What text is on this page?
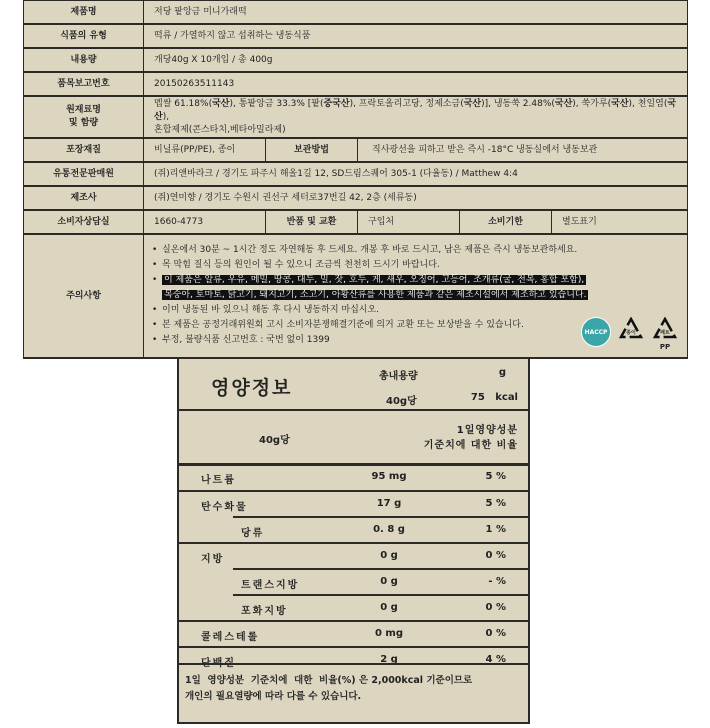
제품명	저당 팥앙금 미니가래떡				
식품의 유형	떡류 / 가열하지 않고 섭취하는 냉동식품				
내용량	개당40g X 10개입 / 총 400g				
품목보고번호	20150263511143				

원재료명
및 함량

멥쌀 61.18%(국산), 통팥앙금 33.3% [팥(중국산), 프락토올리고당, 정제소금(국산)], 냉동쑥 2.48%(국산), 쑥가루(국산), 천일염(국산),
혼합제제(콘스타치,베타아밀라제)

포장재질	비닐류(PP/PE), 종이	보관방법	직사광선을 피하고 받은 즉시 -18°C 냉동실에서 냉동보관		
유통전문판매원	(쥐)리앤바라크 / 경기도 파주시 해올1길 12, SD드림스퀘어 305-1 (다율동) / Matthew 4:4				
제조사	(쥐)연미향 / 경기도 수원시 권선구 세터로37번길 42, 2층 (세류동)				
소비자상담실	1660-4773	반품 및 교환	구입처	소비기한	별도표기
주의사항	
• 실온에서 30분 ~ 1시간 정도 자연해동 후 드세요. 개봉 후 바로 드시고, 남은 제품은 즉시 냉동보관하세요.
• 목 막힘 질식 등의 원인이 될 수 있으니 조금씩 천천히 드시기 바랍니다.
• 이 제품은 알류, 우유, 메밀, 땅콩, 대두, 밀, 잣, 호두, 게, 새우, 오징어, 고등어, 조개류(굴, 전복, 홍합 포함),
복숭아, 토마토, 닭고기, 돼지고기, 소고기, 아황산류를 사용한 제품과 같은 제조시설에서 제조하고 있습니다.
• 이미 냉동된 바 있으니 해동 후 다시 냉동하지 마십시오.
• 본 제품은 공정거래위원회 고시 소비자분쟁해결기준에 의거 교환 또는 보상받을 수 있습니다.
• 부정, 불량식품 신고번호 : 국번 없이 1399
HACCP	종이	페트
PP
영양정보
총내용량	g
40g당	75   kcal
40g당
1일영양성분
기준치에 대한 비율
나트륨	95 mg	5 %
탄수화물	17 g	5 %
당류	0. 8 g	1 %
지방	0 g	0 %
트랜스지방	0 g	- %
포화지방	0 g	0 %
콜레스테롤	0 mg	0 %
단백질	2 g	4 %
1일  영양성분  기준치에  대한  비율(%) 은 2,000kcal 기준이므로
개인의 필요열량에 따라 다를 수 있습니다.
